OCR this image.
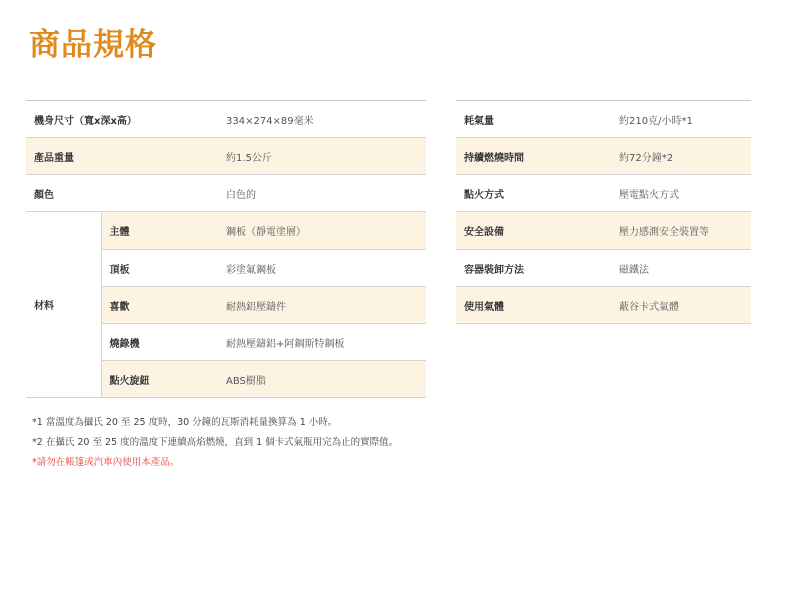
商品規格
機身尺寸（寬x深x高）		334×274×89毫米
產品重量		約1.5公斤
顏色		白色的
材料	主體	鋼板（靜電塗層）
	頂板	彩塗氟鋼板
	喜歡	耐熱鋁壓鑄件
	燒錄機	耐熱壓鑄鋁+阿鋼斯特鋼板
	點火旋鈕	ABS樹脂
耗氣量	約210克/小時*1
持續燃燒時間	約72分鐘*2
點火方式	壓電點火方式
安全設備	壓力感測安全裝置等
容器裝卸方法	磁鐵法
使用氣體	蔽谷卡式氣體
*1 當溫度為攝氏 20 至 25 度時，30 分鐘的瓦斯消耗量換算為 1 小時。
*2 在攝氏 20 至 25 度的溫度下連續高焰燃燒，直到 1 個卡式氣瓶用完為止的實際值。
*請勿在帳篷或汽車內使用本產品。
